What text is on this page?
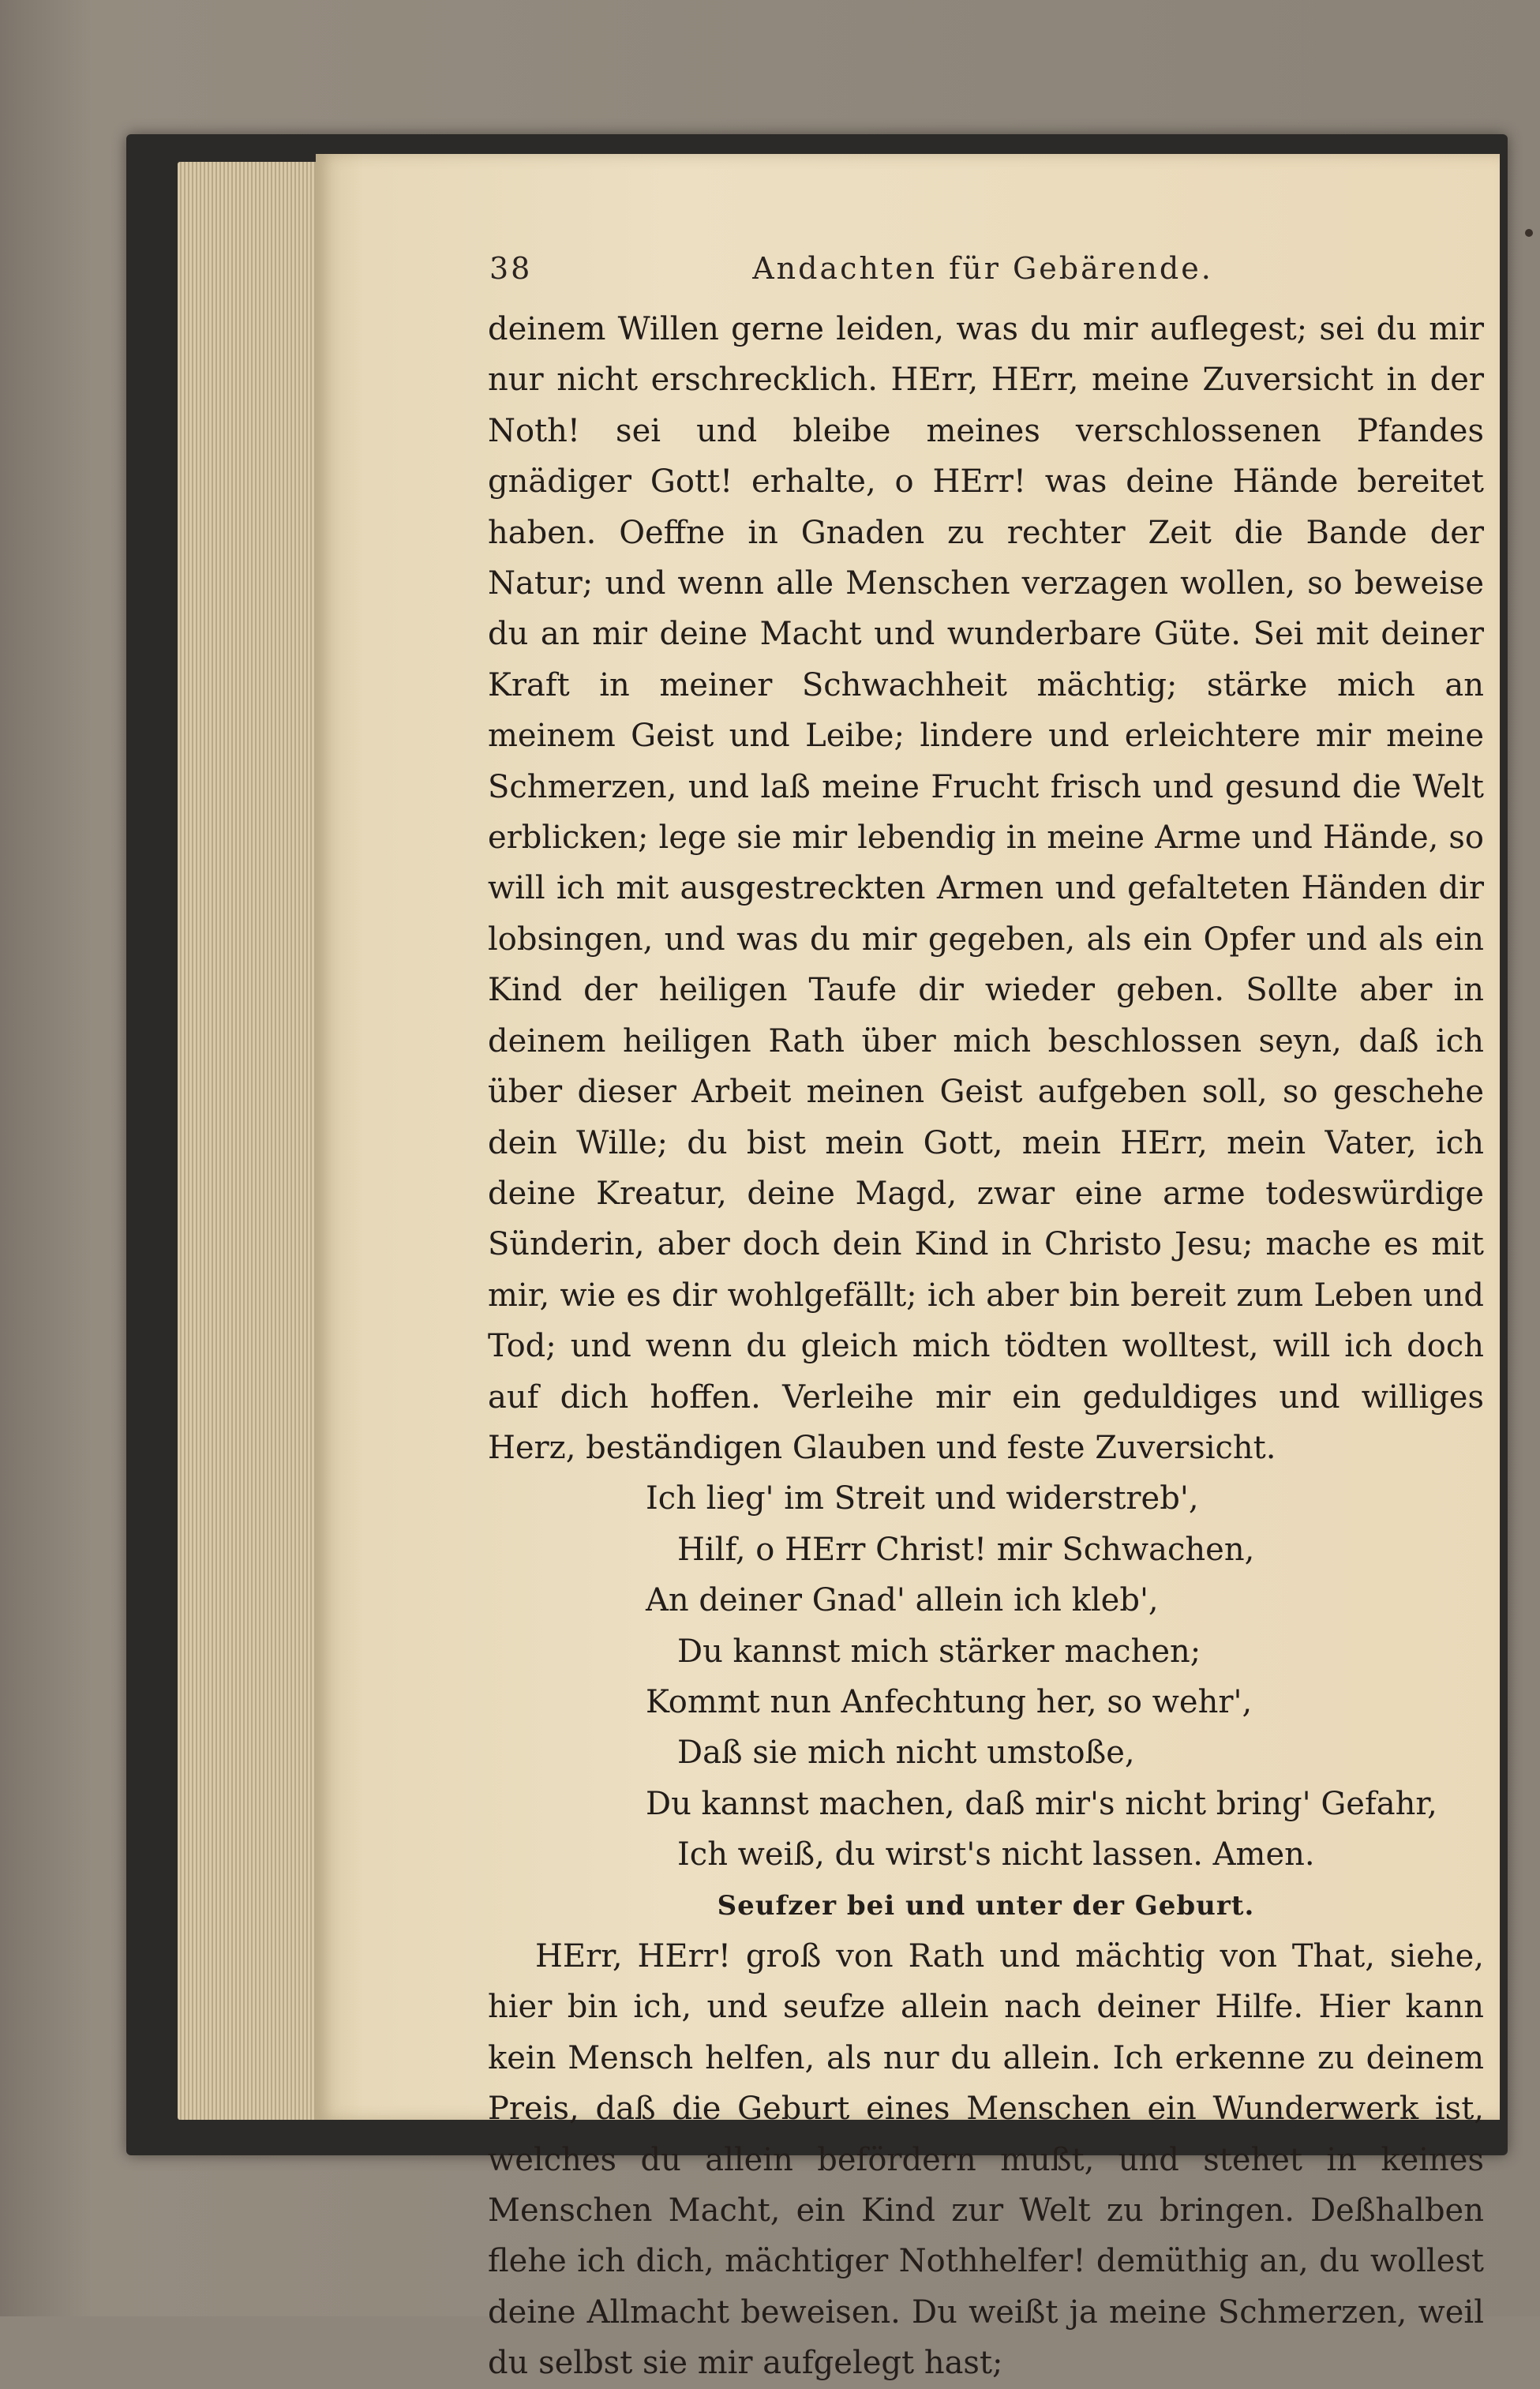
38	Andachten für Gebärende.

deinem Willen gerne leiden, was du mir auflegest; sei du mir nur nicht erschrecklich. HErr, HErr, meine Zuversicht in der Noth! sei und bleibe meines verschlossenen Pfandes gnädiger Gott! erhalte, o HErr! was deine Hände bereitet haben. Oeffne in Gnaden zu rechter Zeit die Bande der Natur; und wenn alle Menschen verzagen wollen, so beweise du an mir deine Macht und wunderbare Güte. Sei mit deiner Kraft in meiner Schwachheit mächtig; stärke mich an meinem Geist und Leibe; lindere und erleichtere mir meine Schmerzen, und laß meine Frucht frisch und gesund die Welt erblicken; lege sie mir lebendig in meine Arme und Hände, so will ich mit ausgestreckten Armen und gefalteten Händen dir lobsingen, und was du mir gegeben, als ein Opfer und als ein Kind der heiligen Taufe dir wieder geben. Sollte aber in deinem heiligen Rath über mich beschlossen seyn, daß ich über dieser Arbeit meinen Geist aufgeben soll, so geschehe dein Wille; du bist mein Gott, mein HErr, mein Vater, ich deine Kreatur, deine Magd, zwar eine arme todeswürdige Sünderin, aber doch dein Kind in Christo Jesu; mache es mit mir, wie es dir wohlgefällt; ich aber bin bereit zum Leben und Tod; und wenn du gleich mich tödten wolltest, will ich doch auf dich hoffen. Verleihe mir ein geduldiges und williges Herz, beständigen Glauben und feste Zuversicht.

Ich lieg' im Streit und widerstreb',
Hilf, o HErr Christ! mir Schwachen,
An deiner Gnad' allein ich kleb',
Du kannst mich stärker machen;
Kommt nun Anfechtung her, so wehr',
Daß sie mich nicht umstoße,
Du kannst machen, daß mir's nicht bring' Gefahr,
Ich weiß, du wirst's nicht lassen. Amen.
Seufzer bei und unter der Geburt.

HErr, HErr! groß von Rath und mächtig von That, siehe, hier bin ich, und seufze allein nach deiner Hilfe. Hier kann kein Mensch helfen, als nur du allein. Ich erkenne zu deinem Preis, daß die Geburt eines Menschen ein Wunderwerk ist, welches du allein befördern mußt, und stehet in keines Menschen Macht, ein Kind zur Welt zu bringen. Deßhalben flehe ich dich, mächtiger Nothhelfer! demüthig an, du wollest deine Allmacht beweisen. Du weißt ja meine Schmerzen, weil du selbst sie mir aufgelegt hast;
